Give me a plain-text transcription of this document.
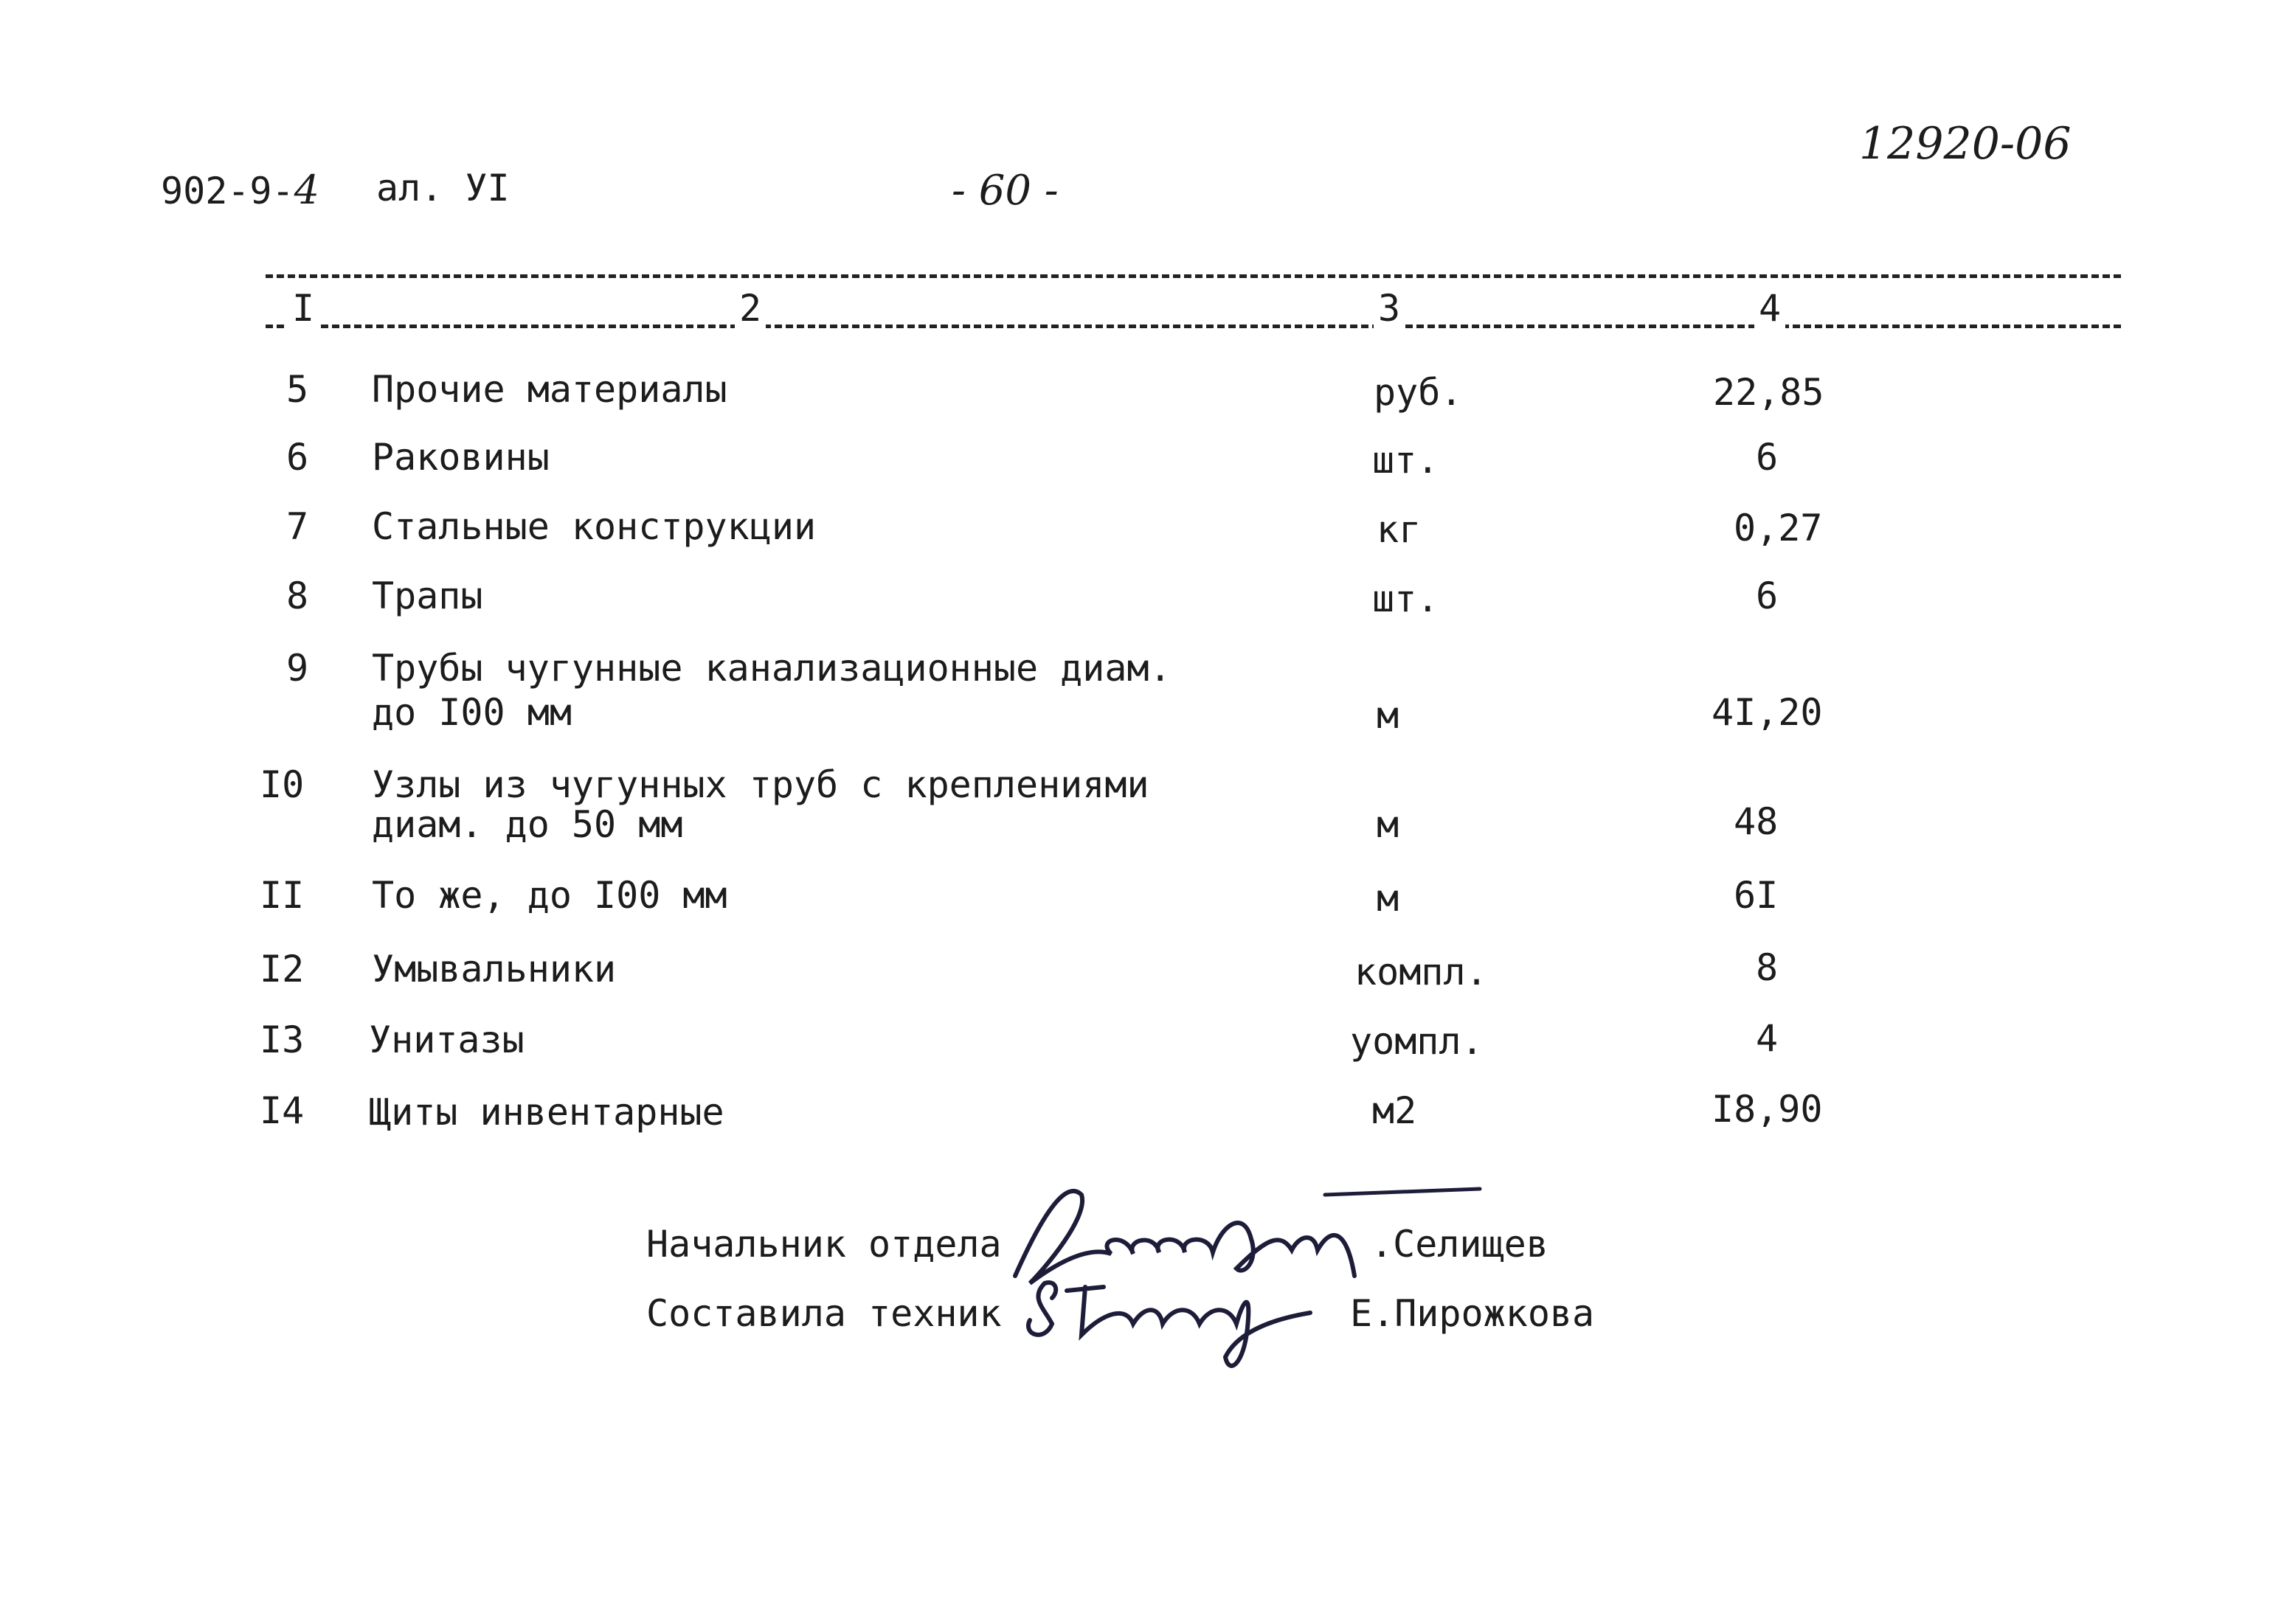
902-9-4 ал. УI	- 60 -
12920-06
I	2	3	4
5 Прочие материалы	руб.	22,85
6 Раковины	шт.	6
7 Стальные конструкции	кг	0,27
8 Трапы	шт.	6
9 Трубы чугунные канализационные диам.
до I00 мм	м	4I,20
I0 Узлы из чугунных труб с креплениями
диам. до 50 мм	м	48
II То же, до I00 мм	м	6I
I2 Умывальники	компл.	8
I3 Унитазы	уомпл.	4
I4 Щиты инвентарные	м2	I8,90
Начальник отдела	.Селищев
Составила техник	Е.Пирожкова
